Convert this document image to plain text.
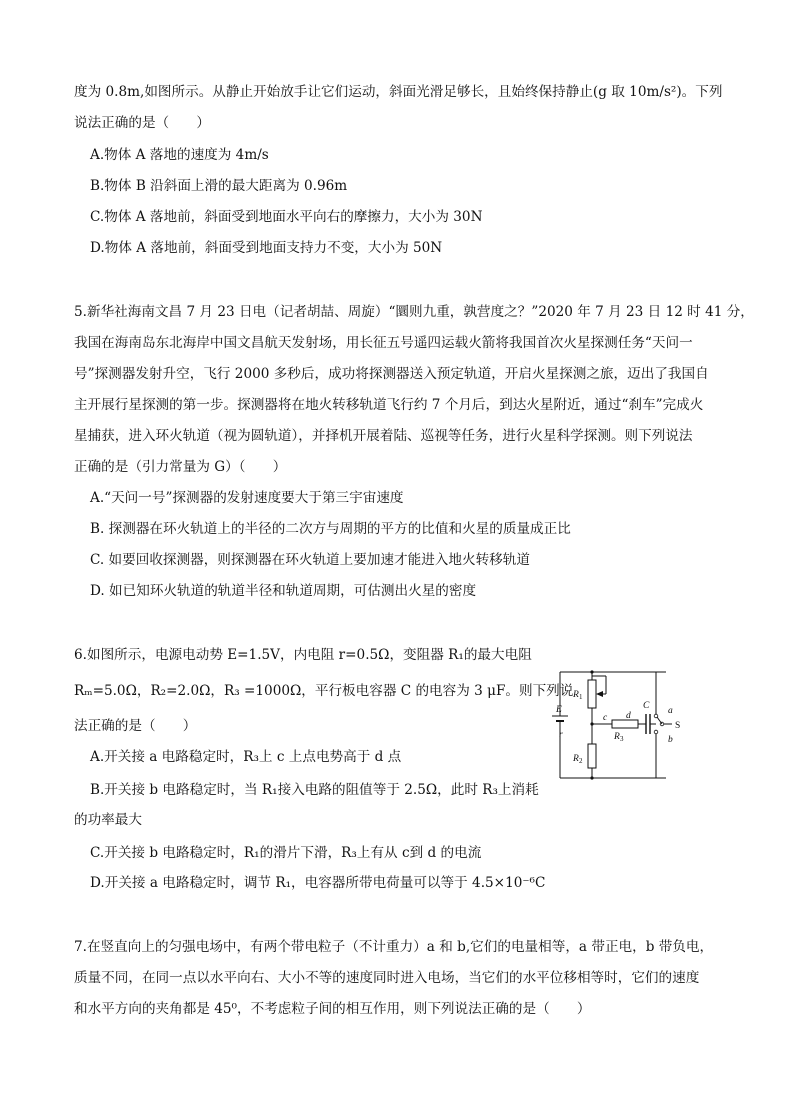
度为 0.8m,如图所示。从静止开始放手让它们运动，斜面光滑足够长，且始终保持静止(g 取 10m/s²)。下列
说法正确的是（　　）
A.物体 A 落地的速度为 4m/s
B.物体 B 沿斜面上滑的最大距离为 0.96m
C.物体 A 落地前，斜面受到地面水平向右的摩擦力，大小为 30N
D.物体 A 落地前，斜面受到地面支持力不变，大小为 50N
5.新华社海南文昌 7 月 23 日电（记者胡喆、周旋）“圜则九重，孰营度之？”2020 年 7 月 23 日 12 时 41 分，
我国在海南岛东北海岸中国文昌航天发射场，用长征五号遥四运载火箭将我国首次火星探测任务“天问一
号”探测器发射升空，飞行 2000 多秒后，成功将探测器送入预定轨道，开启火星探测之旅，迈出了我国自
主开展行星探测的第一步。探测器将在地火转移轨道飞行约 7 个月后，到达火星附近，通过“刹车”完成火
星捕获，进入环火轨道（视为圆轨道），并择机开展着陆、巡视等任务，进行火星科学探测。则下列说法
正确的是（引力常量为 G）（　　）
A.“天问一号”探测器的发射速度要大于第三宇宙速度
B. 探测器在环火轨道上的半径的二次方与周期的平方的比值和火星的质量成正比
C. 如要回收探测器，则探测器在环火轨道上要加速才能进入地火转移轨道
D. 如已知环火轨道的轨道半径和轨道周期，可估测出火星的密度
6.如图所示，电源电动势 E=1.5V，内电阻 r=0.5Ω，变阻器 R₁的最大电阻
Rₘ=5.0Ω，R₂=2.0Ω，R₃ =1000Ω，平行板电容器 C 的电容为 3 μF。则下列说
法正确的是（　　）
A.开关接 a 电路稳定时，R₃上 c 上点电势高于 d 点
B.开关接 b 电路稳定时，当 R₁接入电路的阻值等于 2.5Ω，此时 R₃上消耗
的功率最大
C.开关接 b 电路稳定时，R₁的滑片下滑，R₃上有从 c到 d 的电流
D.开关接 a 电路稳定时，调节 R₁，电容器所带电荷量可以等于 4.5×10⁻⁶C
R 1
R 2
R 3
C
E
r
c d	a
b
S
7.在竖直向上的匀强电场中，有两个带电粒子（不计重力）a 和 b,它们的电量相等，a 带正电，b 带负电，
质量不同，在同一点以水平向右、大小不等的速度同时进入电场，当它们的水平位移相等时，它们的速度
和水平方向的夹角都是 45⁰，不考虑粒子间的相互作用，则下列说法正确的是（　　）
